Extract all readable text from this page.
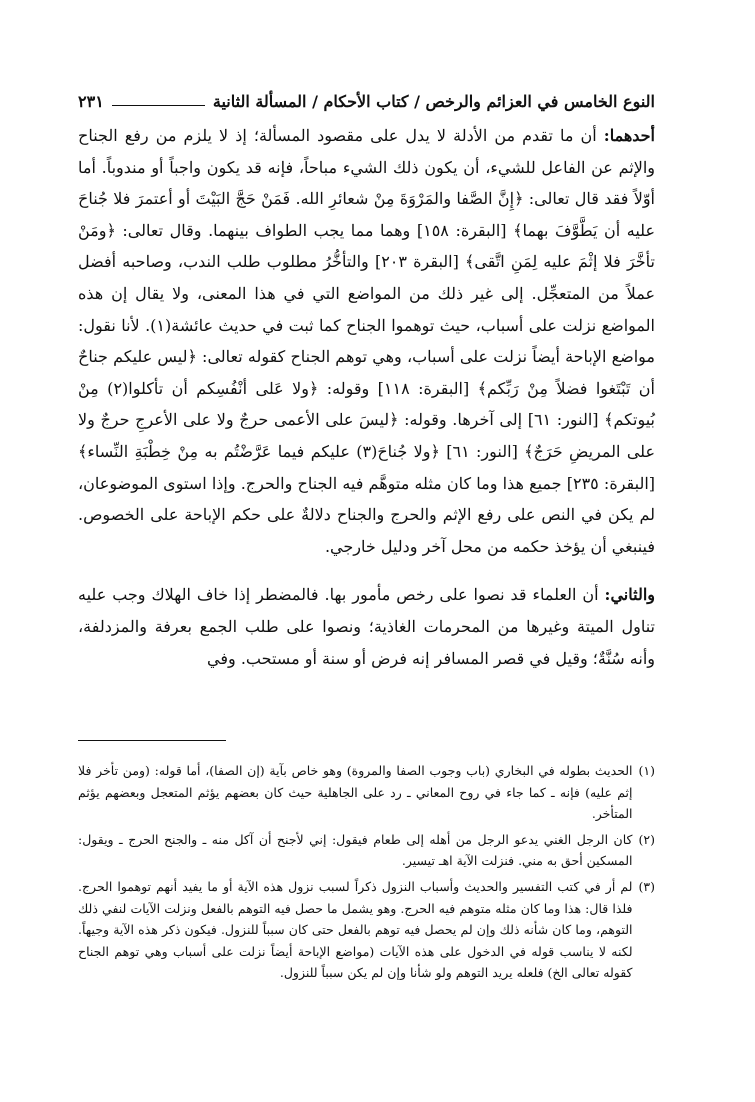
النوع الخامس في العزائم والرخص / كتاب الأحكام / المسألة الثانية
٢٣١

أحدهما: أن ما تقدم من الأدلة لا يدل على مقصود المسألة؛ إذ لا يلزم من رفع الجناح والإثم عن الفاعل للشيء، أن يكون ذلك الشيء مباحاً، فإنه قد يكون واجباً أو مندوباً. أما أوّلاً فقد قال تعالى: ﴿إِنَّ الصَّفا والمَرْوَةَ مِنْ شعائرِ الله. فَمَنْ حَجَّ البَيْتَ أو أعتمرَ فلا جُناحَ عليه أن يَطَّوَّفَ بهما﴾ [البقرة: ١٥٨] وهما مما يجب الطواف بينهما. وقال تعالى: ﴿ومَنْ تأخَّرَ فلا إثْمَ عليه لِمَنِ اتَّقى﴾ [البقرة ٢٠٣] والتأخُّرُ مطلوب طلب الندب، وصاحبه أفضل عملاً من المتعجِّل. إلى غير ذلك من المواضع التي في هذا المعنى، ولا يقال إن هذه المواضع نزلت على أسباب، حيث توهموا الجناح كما ثبت في حديث عائشة(١). لأنا نقول: مواضع الإباحة أيضاً نزلت على أسباب، وهي توهم الجناح كقوله تعالى: ﴿ليس عليكم جناحٌ أن تَبْتَغوا فضلاً مِنْ رَبِّكم﴾ [البقرة: ١١٨] وقوله: ﴿ولا عَلى أنْفُسِكم أن تأكلوا(٢) مِنْ بُيوتكم﴾ [النور: ٦١] إلى آخرها. وقوله: ﴿ليسَ على الأعمى حرجٌ ولا على الأعرجِ حرجٌ ولا على المريضِ حَرَجٌ﴾ [النور: ٦١] ﴿ولا جُناحَ(٣) عليكم فيما عَرَّضْتُم به مِنْ خِطْبَةِ النِّساء﴾ [البقرة: ٢٣٥] جميع هذا وما كان مثله متوهَّم فيه الجناح والحرج. وإذا استوى الموضوعان، لم يكن في النص على رفع الإثم والحرج والجناح دلالةٌ على حكم الإباحة على الخصوص. فينبغي أن يؤخذ حكمه من محل آخر ودليل خارجي.

والثاني: أن العلماء قد نصوا على رخص مأمور بها. فالمضطر إذا خاف الهلاك وجب عليه تناول الميتة وغيرها من المحرمات الغاذية؛ ونصوا على طلب الجمع بعرفة والمزدلفة، وأنه سُنَّةٌ؛ وقيل في قصر المسافر إنه فرض أو سنة أو مستحب. وفي

(١)
الحديث بطوله في البخاري (باب وجوب الصفا والمروة) وهو خاص بآية (إن الصفا)، أما قوله: (ومن تأخر فلا إثم عليه) فإنه ـ كما جاء في روح المعاني ـ رد على الجاهلية حيث كان بعضهم يؤثم المتعجل وبعضهم يؤثم المتأخر.
(٢)
كان الرجل الغني يدعو الرجل من أهله إلى طعام فيقول: إني لأجنح أن آكل منه ـ والجنح الحرج ـ ويقول: المسكين أحق به مني. فنزلت الآية اهـ تيسير.
(٣)
لم أر في كتب التفسير والحديث وأسباب النزول ذكراً لسبب نزول هذه الآية أو ما يفيد أنهم توهموا الحرج. فلذا قال: هذا وما كان مثله متوهم فيه الحرج. وهو يشمل ما حصل فيه التوهم بالفعل ونزلت الآيات لنفي ذلك التوهم، وما كان شأنه ذلك وإن لم يحصل فيه توهم بالفعل حتى كان سبباً للنزول. فيكون ذكر هذه الآية وجيهاً. لكنه لا يناسب قوله في الدخول على هذه الآيات (مواضع الإباحة أيضاً نزلت على أسباب وهي توهم الجناح كقوله تعالى الخ) فلعله يريد التوهم ولو شأنا وإن لم يكن سبباً للنزول.
